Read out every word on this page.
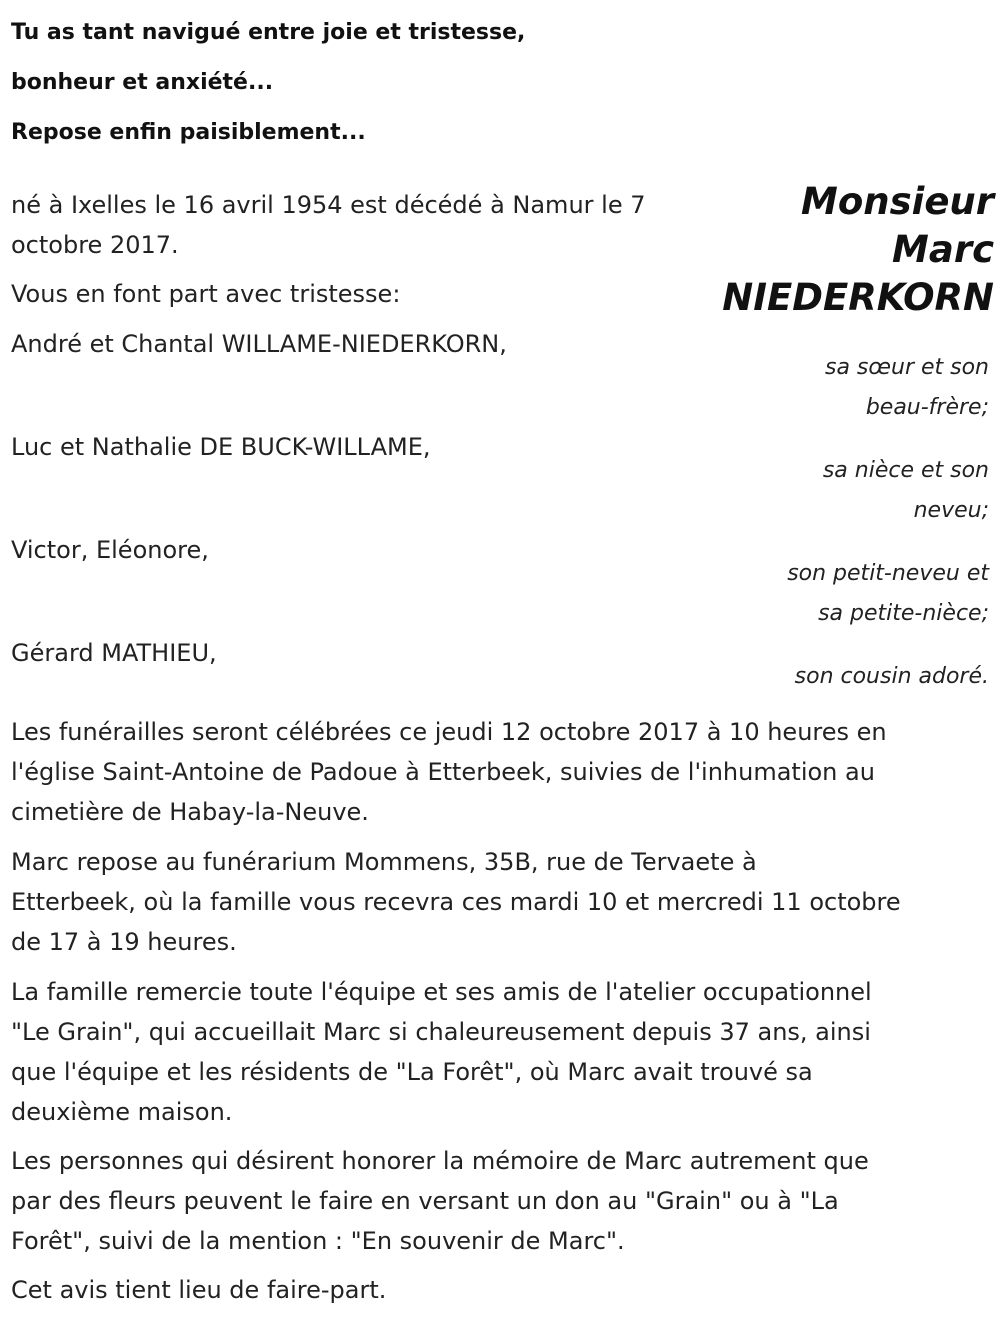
Tu as tant navigué entre joie et tristesse,
bonheur et anxiété...
Repose enfin paisiblement...
Monsieur
Marc
NIEDERKORN
né à Ixelles le 16 avril 1954 est décédé à Namur le 7
octobre 2017.
Vous en font part avec tristesse:
André et Chantal WILLAME-NIEDERKORN,
sa sœur et son
beau-frère;
Luc et Nathalie DE BUCK-WILLAME,
sa nièce et son
neveu;
Victor, Eléonore,
son petit-neveu et
sa petite-nièce;
Gérard MATHIEU,
son cousin adoré.
Les funérailles seront célébrées ce jeudi 12 octobre 2017 à 10 heures en
l'église Saint-Antoine de Padoue à Etterbeek, suivies de l'inhumation au
cimetière de Habay-la-Neuve.
Marc repose au funérarium Mommens, 35B, rue de Tervaete à
Etterbeek, où la famille vous recevra ces mardi 10 et mercredi 11 octobre
de 17 à 19 heures.
La famille remercie toute l'équipe et ses amis de l'atelier occupationnel
"Le Grain", qui accueillait Marc si chaleureusement depuis 37 ans, ainsi
que l'équipe et les résidents de "La Forêt", où Marc avait trouvé sa
deuxième maison.
Les personnes qui désirent honorer la mémoire de Marc autrement que
par des fleurs peuvent le faire en versant un don au "Grain" ou à "La
Forêt", suivi de la mention : "En souvenir de Marc".
Cet avis tient lieu de faire-part.
